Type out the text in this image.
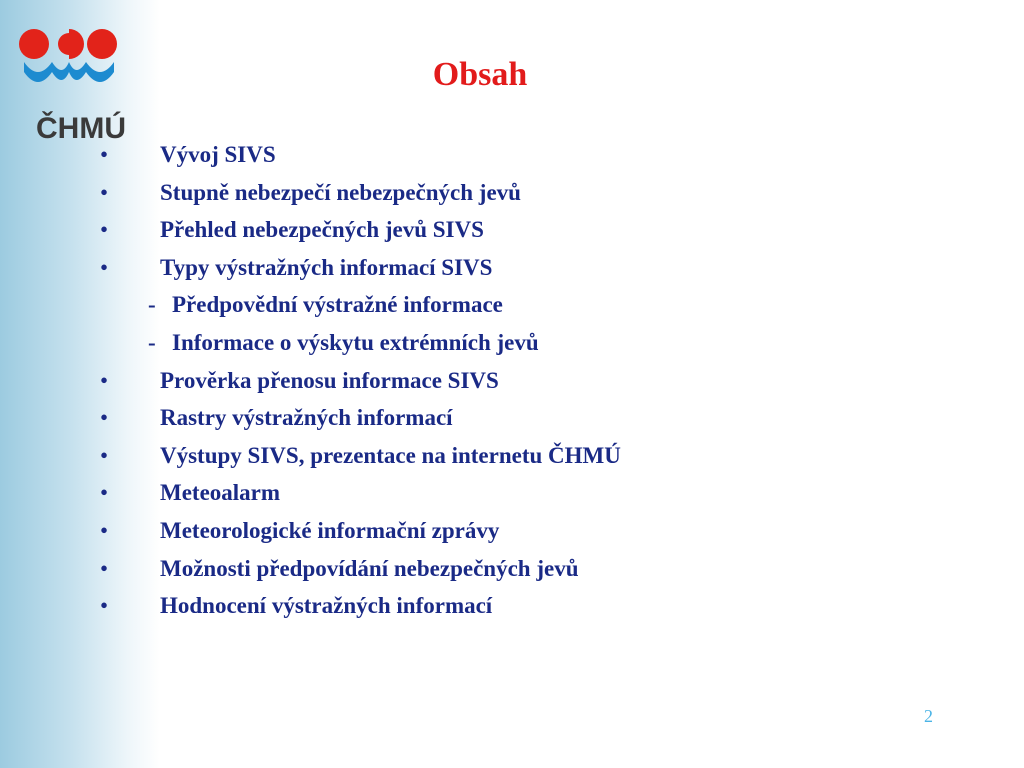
ČHMÚ
Obsah
• Vývoj SIVS
• Stupně nebezpečí nebezpečných jevů
• Přehled nebezpečných jevů SIVS
• Typy výstražných informací SIVS
- Předpovědní výstražné informace
- Informace o výskytu extrémních jevů
• Prověrka přenosu informace SIVS
• Rastry výstražných informací
• Výstupy SIVS, prezentace na internetu ČHMÚ
• Meteoalarm
• Meteorologické informační zprávy
• Možnosti předpovídání nebezpečných jevů
• Hodnocení výstražných informací
2
